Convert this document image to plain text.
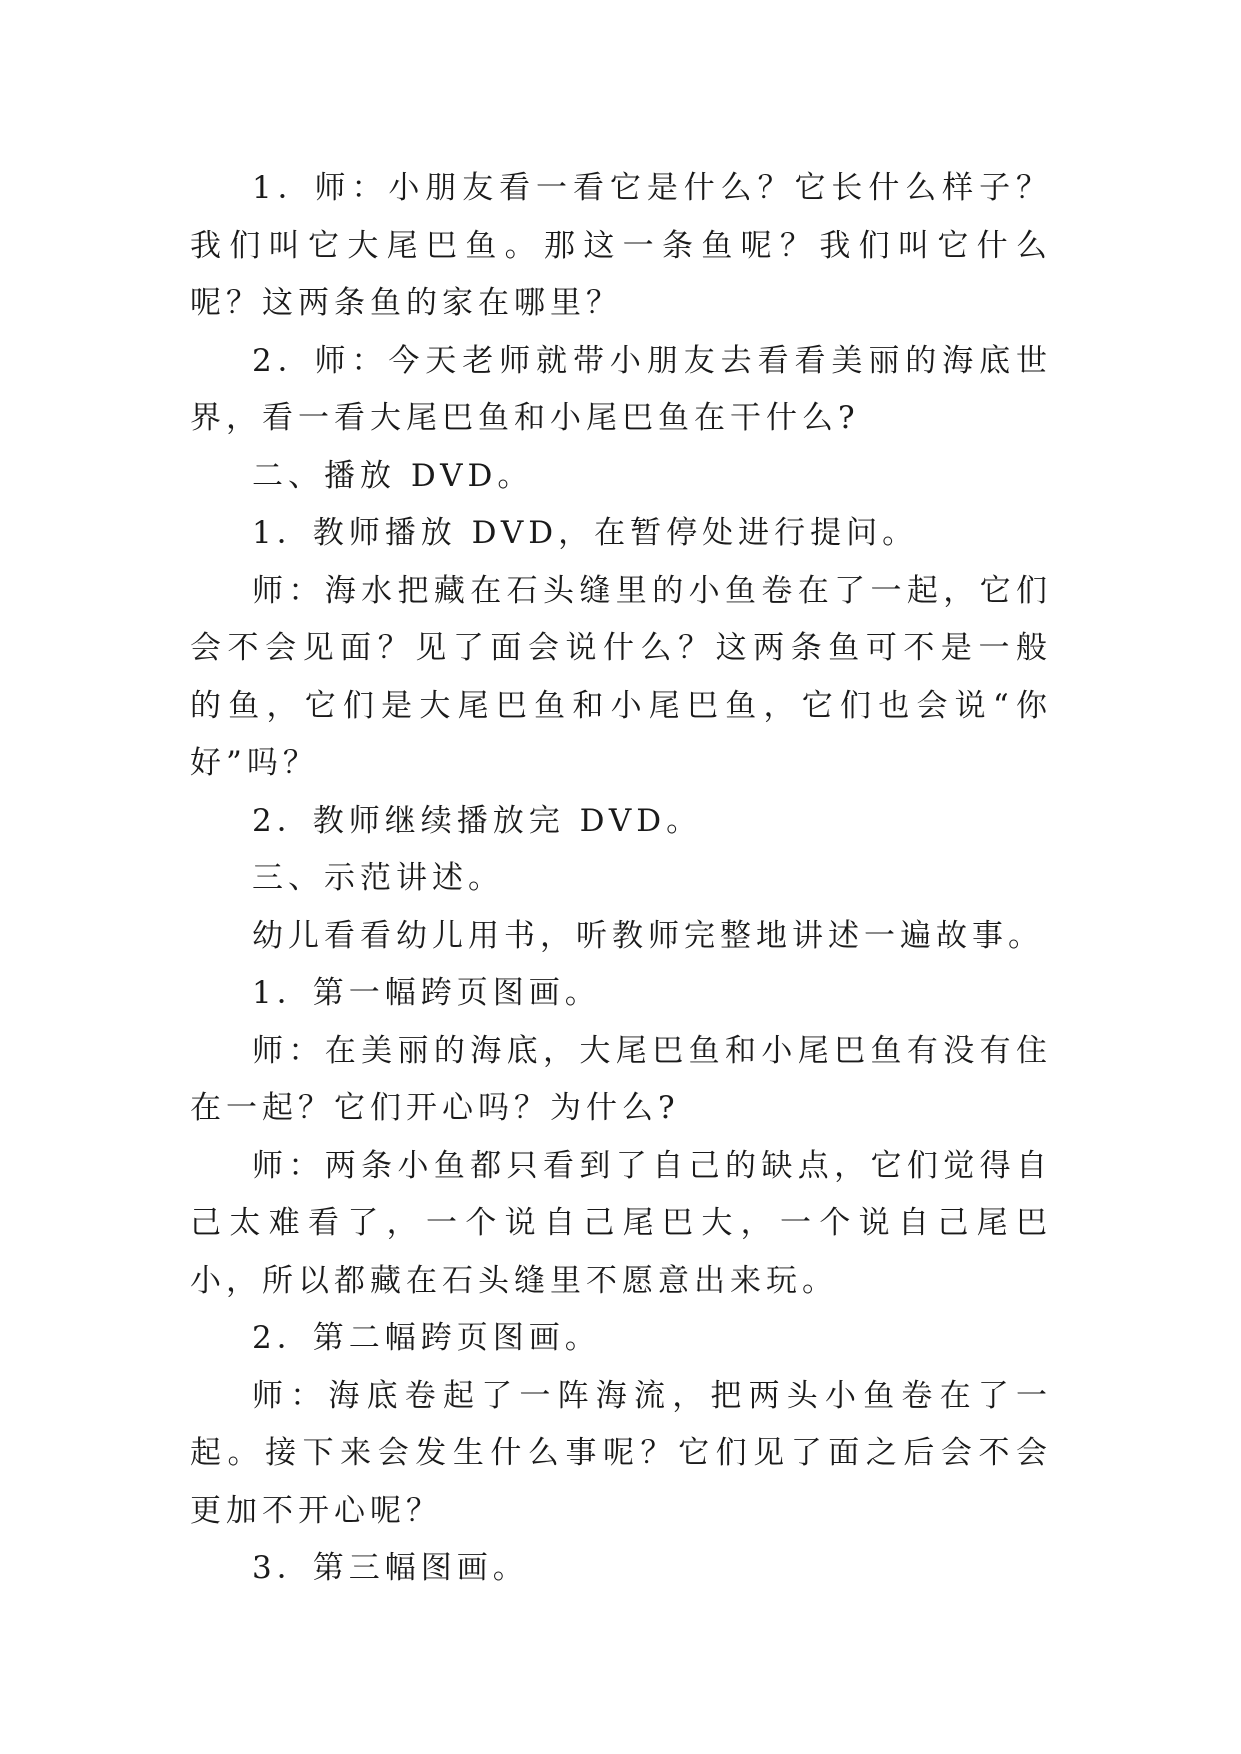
1．师：小朋友看一看它是什么？它长什么样子？我们叫它大尾巴鱼。那这一条鱼呢？我们叫它什么呢？这两条鱼的家在哪里？

2．师：今天老师就带小朋友去看看美丽的海底世界，看一看大尾巴鱼和小尾巴鱼在干什么?

二、播放 DVD。

1．教师播放 DVD，在暂停处进行提问。

师：海水把藏在石头缝里的小鱼卷在了一起，它们会不会见面？见了面会说什么？这两条鱼可不是一般的鱼，它们是大尾巴鱼和小尾巴鱼，它们也会说“你好”吗？

2．教师继续播放完 DVD。

三、示范讲述。

幼儿看看幼儿用书，听教师完整地讲述一遍故事。

1．第一幅跨页图画。

师：在美丽的海底，大尾巴鱼和小尾巴鱼有没有住在一起？它们开心吗？为什么?

师：两条小鱼都只看到了自己的缺点，它们觉得自己太难看了，一个说自己尾巴大，一个说自己尾巴小，所以都藏在石头缝里不愿意出来玩。

2．第二幅跨页图画。

师：海底卷起了一阵海流，把两头小鱼卷在了一起。接下来会发生什么事呢？它们见了面之后会不会更加不开心呢？

3．第三幅图画。
